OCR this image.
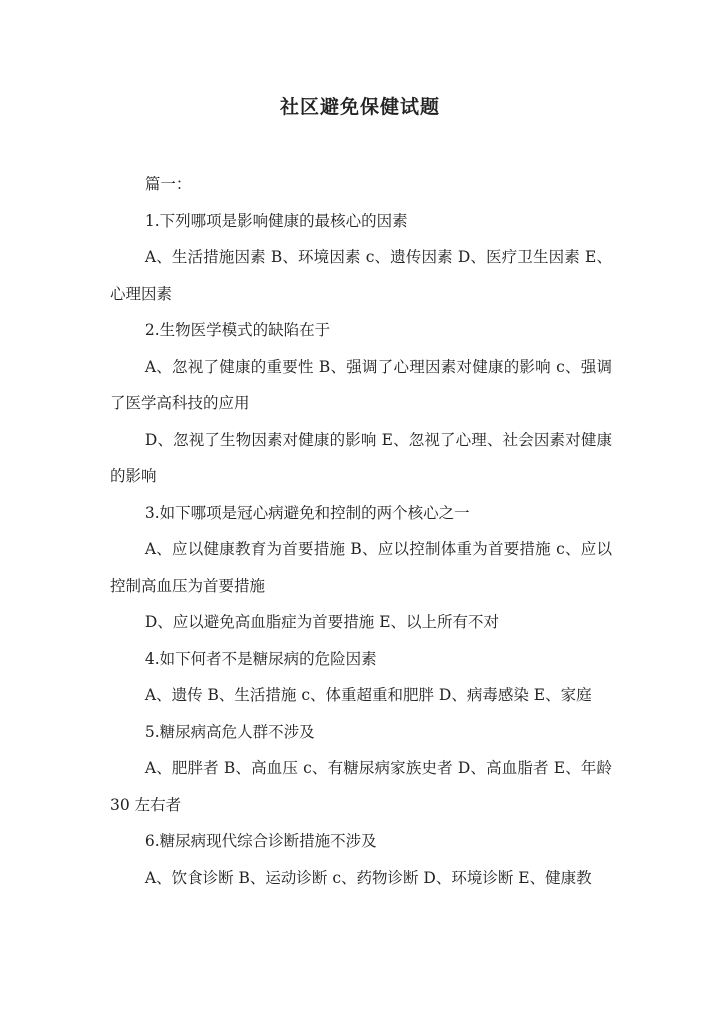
社区避免保健试题

篇一：

1.下列哪项是影响健康的最核心的因素

A、生活措施因素 B、环境因素 c、遗传因素 D、医疗卫生因素 E、心理因素

2.生物医学模式的缺陷在于

A、忽视了健康的重要性 B、强调了心理因素对健康的影响 c、强调了医学高科技的应用

D、忽视了生物因素对健康的影响 E、忽视了心理、社会因素对健康的影响

3.如下哪项是冠心病避免和控制的两个核心之一

A、应以健康教育为首要措施 B、应以控制体重为首要措施 c、应以控制高血压为首要措施

D、应以避免高血脂症为首要措施 E、以上所有不对

4.如下何者不是糖尿病的危险因素

A、遗传 B、生活措施 c、体重超重和肥胖 D、病毒感染 E、家庭

5.糖尿病高危人群不涉及

A、肥胖者 B、高血压 c、有糖尿病家族史者 D、高血脂者 E、年龄 30 左右者

6.糖尿病现代综合诊断措施不涉及

A、饮食诊断 B、运动诊断 c、药物诊断 D、环境诊断 E、健康教
